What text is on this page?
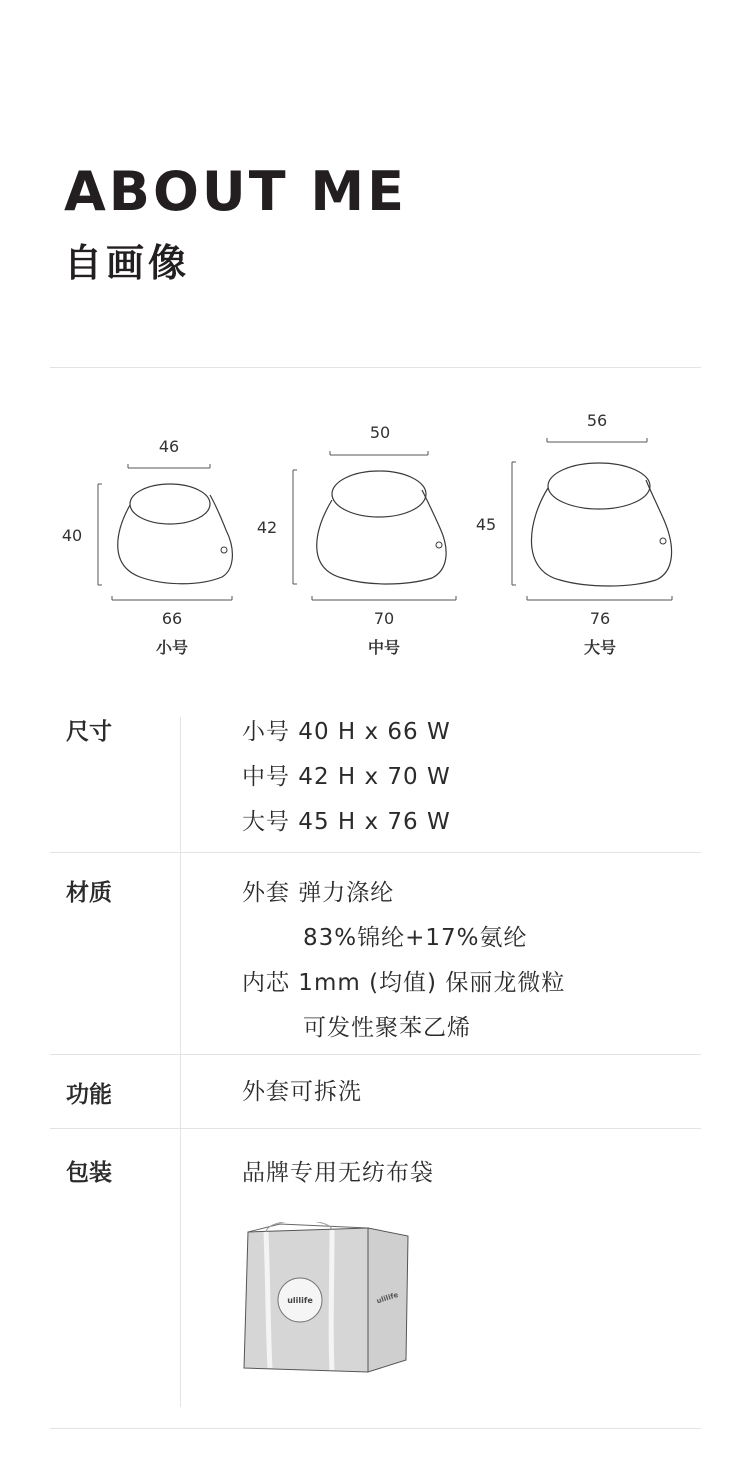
ABOUT ME
自画像
46
40
66
小号
50
42
70
中号
56
45
76
大号
尺寸	小号 40 H x 66 W
中号 42 H x 70 W
大号 45 H x 76 W
材质	外套 弹力涤纶
83%锦纶+17%氨纶
内芯 1mm (均值) 保丽龙微粒
可发性聚苯乙烯
功能	外套可拆洗
包装	品牌专用无纺布袋
ulilife	ulilife
